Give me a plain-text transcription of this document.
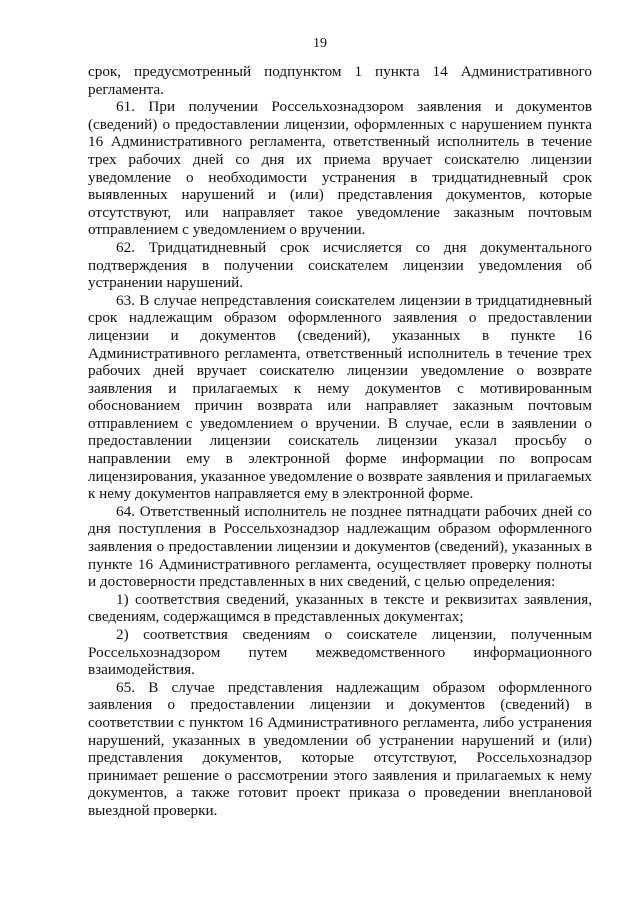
19

срок, предусмотренный подпунктом 1 пункта 14 Административного регламента.

61. При получении Россельхознадзором заявления и документов (сведений) о предоставлении лицензии, оформленных с нарушением пункта 16 Административного регламента, ответственный исполнитель в течение трех рабочих дней со дня их приема вручает соискателю лицензии уведомление о необходимости устранения в тридцатидневный срок выявленных нарушений и (или) представления документов, которые отсутствуют, или направляет такое уведомление заказным почтовым отправлением с уведомлением о вручении.

62. Тридцатидневный срок исчисляется со дня документального подтверждения в получении соискателем лицензии уведомления об устранении нарушений.

63. В случае непредставления соискателем лицензии в тридцатидневный срок надлежащим образом оформленного заявления о предоставлении лицензии и документов (сведений), указанных в пункте 16 Административного регламента, ответственный исполнитель в течение трех рабочих дней вручает соискателю лицензии уведомление о возврате заявления и прилагаемых к нему документов с мотивированным обоснованием причин возврата или направляет заказным почтовым отправлением с уведомлением о вручении. В случае, если в заявлении о предоставлении лицензии соискатель лицензии указал просьбу о направлении ему в электронной форме информации по вопросам лицензирования, указанное уведомление о возврате заявления и прилагаемых к нему документов направляется ему в электронной форме.

64. Ответственный исполнитель не позднее пятнадцати рабочих дней со дня поступления в Россельхознадзор надлежащим образом оформленного заявления о предоставлении лицензии и документов (сведений), указанных в пункте 16 Административного регламента, осуществляет проверку полноты и достоверности представленных в них сведений, с целью определения:

1) соответствия сведений, указанных в тексте и реквизитах заявления, сведениям, содержащимся в представленных документах;

2) соответствия сведениям о соискателе лицензии, полученным Россельхознадзором путем межведомственного информационного взаимодействия.

65. В случае представления надлежащим образом оформленного заявления о предоставлении лицензии и документов (сведений) в соответствии с пунктом 16 Административного регламента, либо устранения нарушений, указанных в уведомлении об устранении нарушений и (или) представления документов, которые отсутствуют, Россельхознадзор принимает решение о рассмотрении этого заявления и прилагаемых к нему документов, а также готовит проект приказа о проведении внеплановой выездной проверки.
